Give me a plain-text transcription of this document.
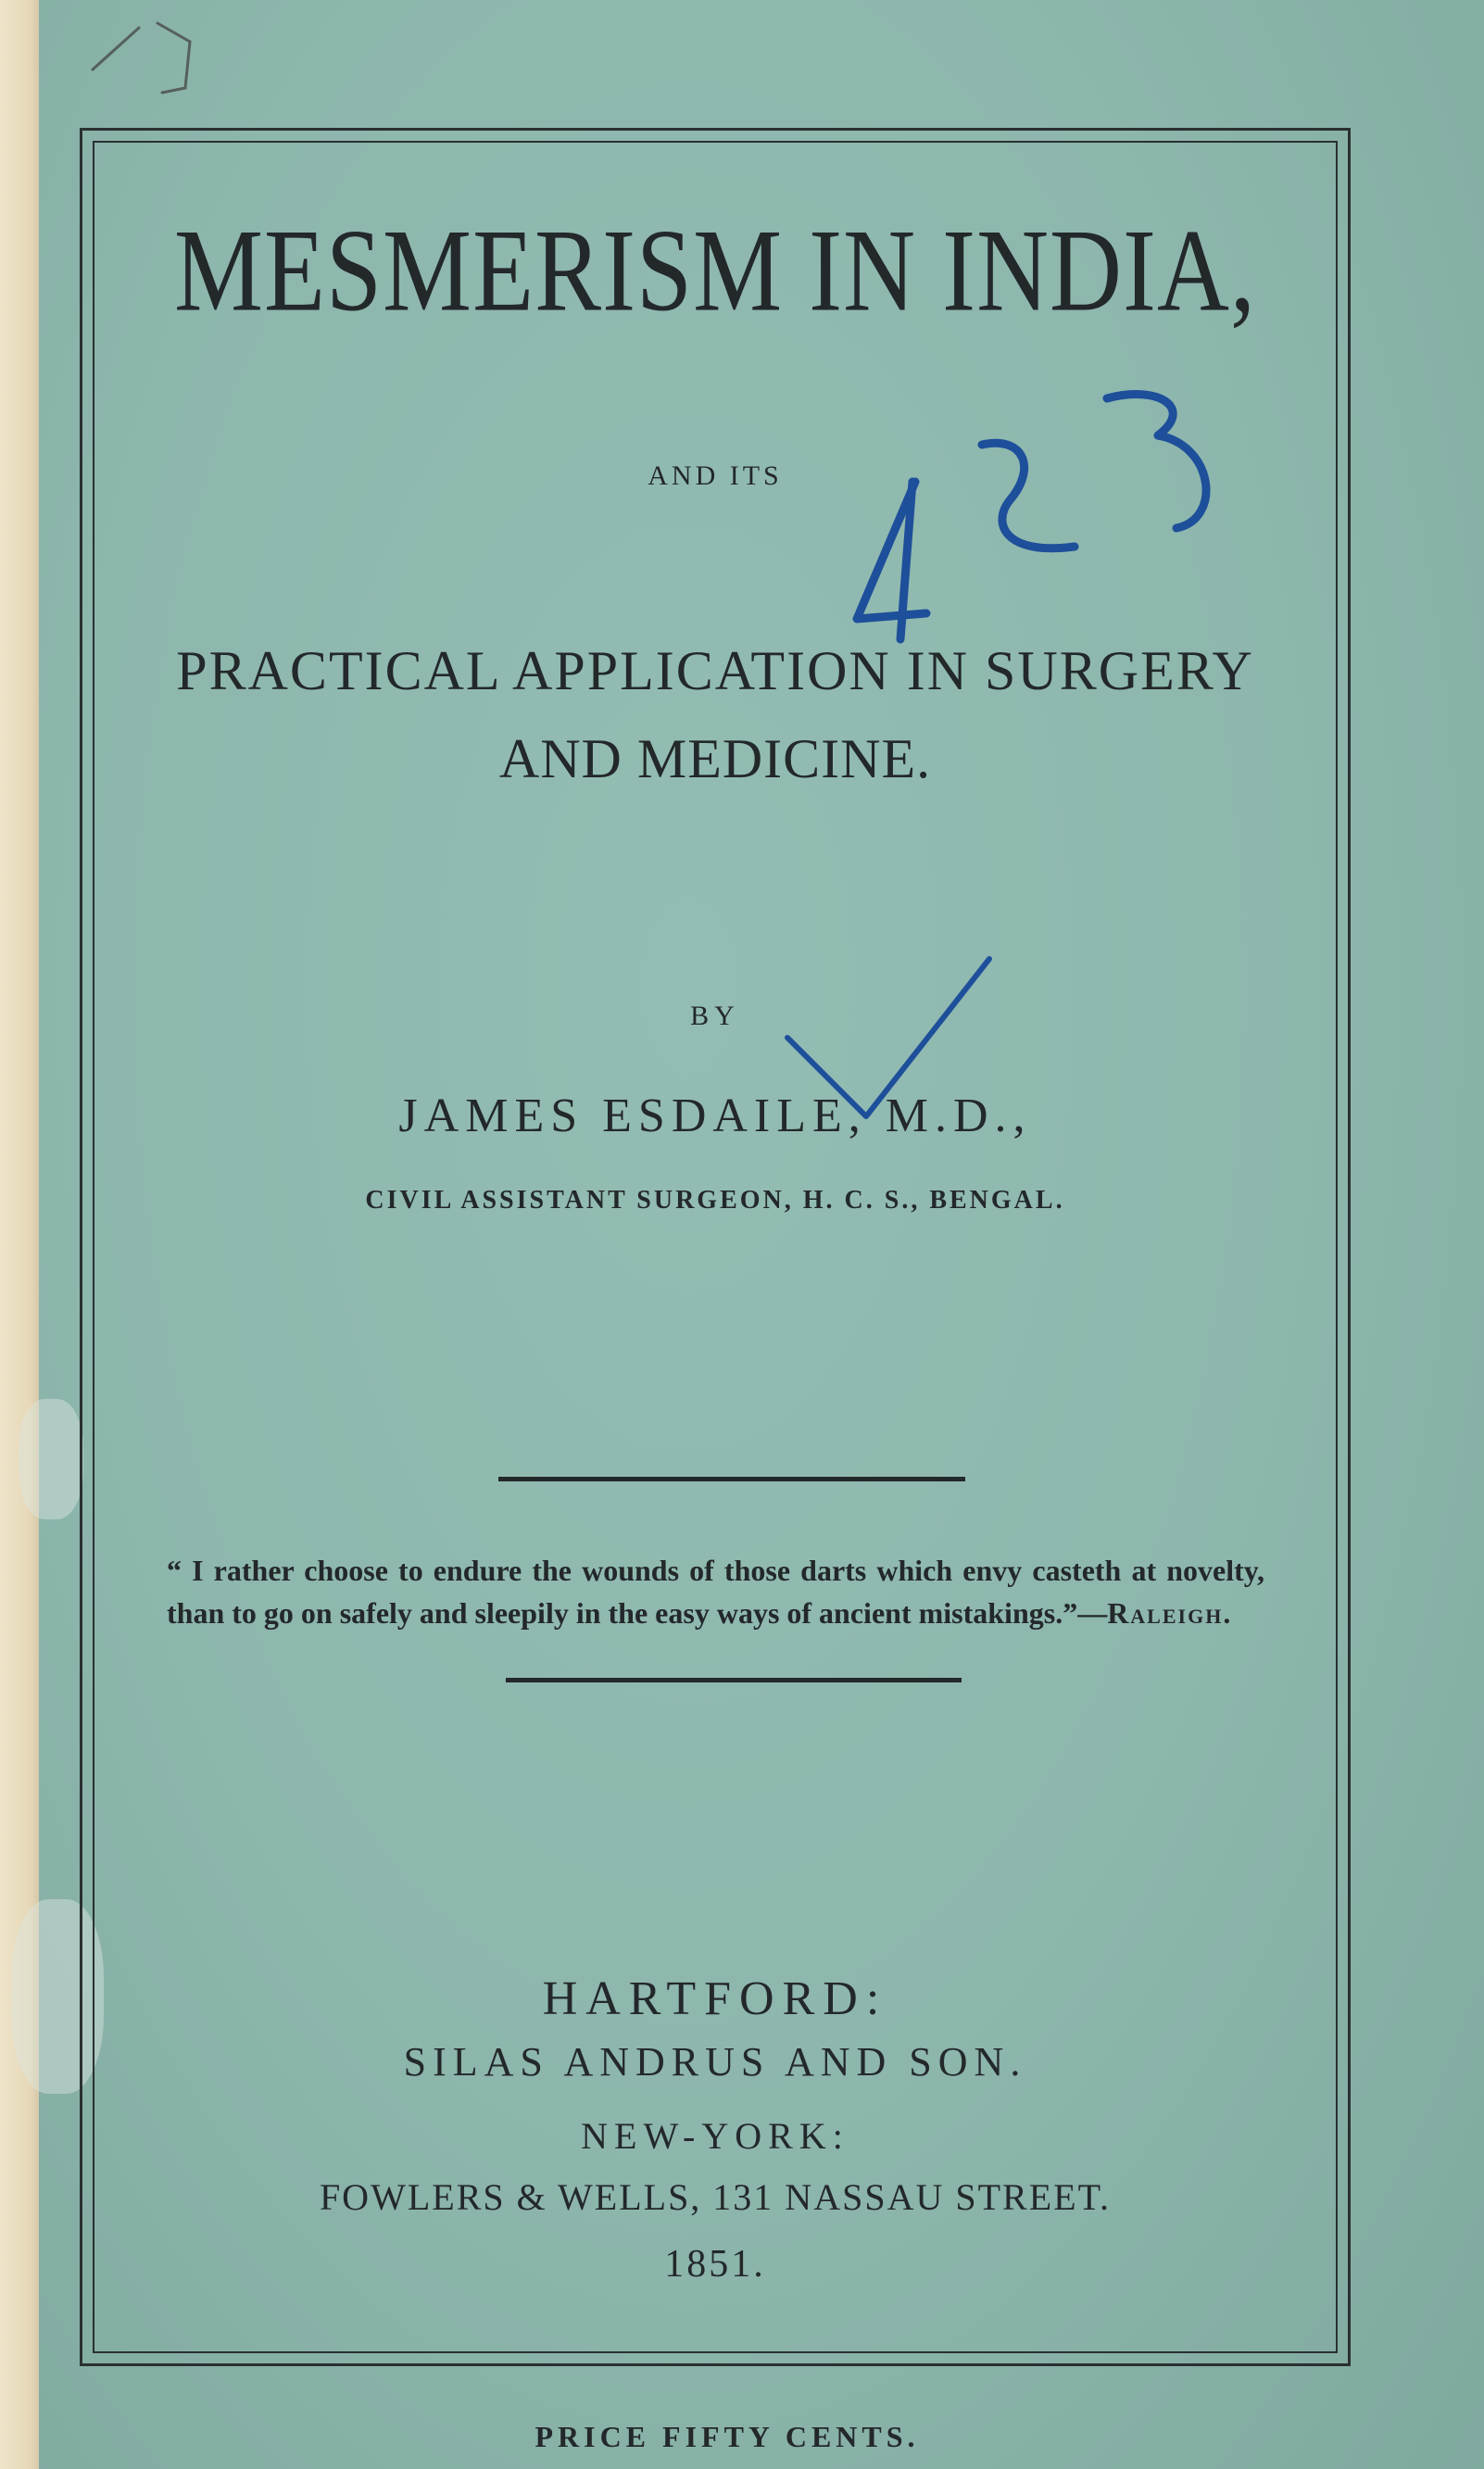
MESMERISM IN INDIA,

AND ITS

PRACTICAL APPLICATION IN SURGERY

AND MEDICINE.

BY

JAMES ESDAILE, M.D.,

CIVIL ASSISTANT SURGEON, H. C. S., BENGAL.

“ I rather choose to endure the wounds of those darts which envy casteth at novelty, than to go on safely and sleepily in the easy ways of ancient mistakings.”—Raleigh.

HARTFORD:

SILAS ANDRUS AND SON.

NEW-YORK:

FOWLERS & WELLS, 131 NASSAU STREET.

1851.

PRICE FIFTY CENTS.
